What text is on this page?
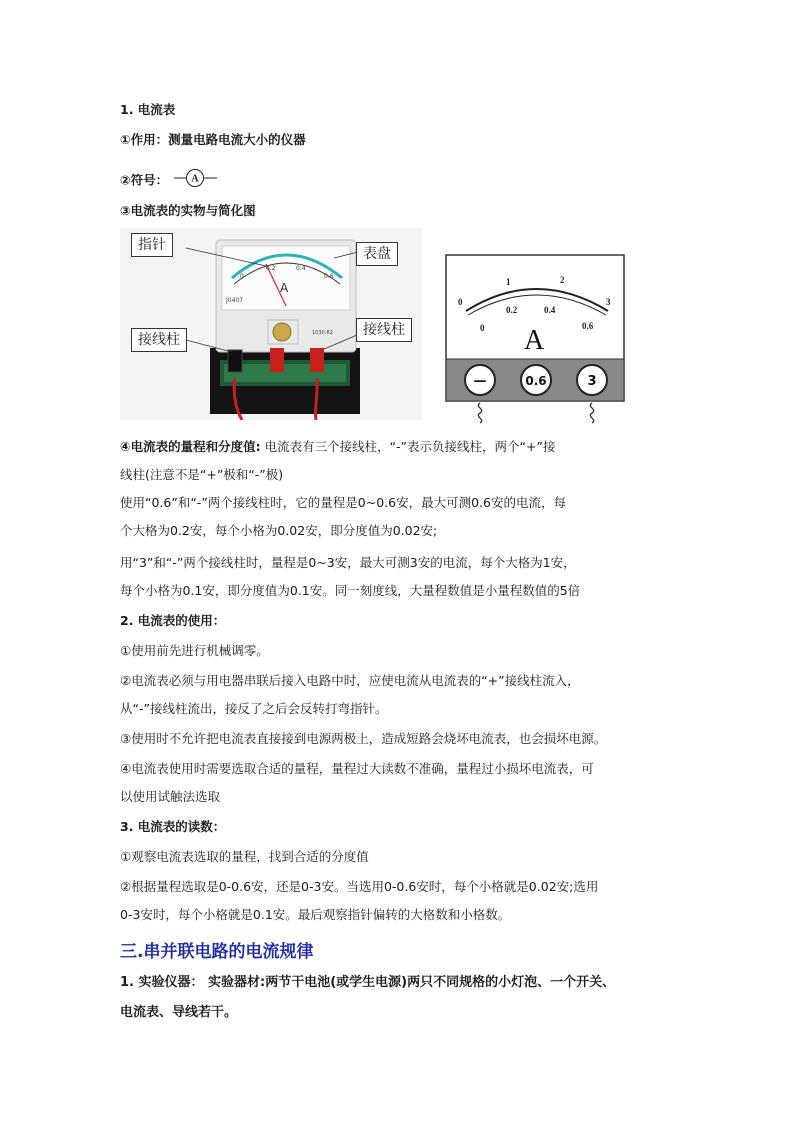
1. 电流表
①作用：测量电路电流大小的仪器
②符号： A
③电流表的实物与简化图
0
0.2	0.4
0.6
A
J0407
1030-82
指针
表盘
接线柱
接线柱
0
1	2
3
0
0.2	0.4
0.6
A
—	0.6	3
④电流表的量程和分度值: 电流表有三个接线柱，“-”表示负接线柱，两个“+”接
线柱(注意不是“+”极和“-”极)
使用“0.6”和“-”两个接线柱时，它的量程是0~0.6安，最大可测0.6安的电流，每
个大格为0.2安，每个小格为0.02安，即分度值为0.02安;
用“3”和“-”两个接线柱时，量程是0~3安，最大可测3安的电流，每个大格为1安，
每个小格为0.1安，即分度值为0.1安。同一刻度线，大量程数值是小量程数值的5倍
2. 电流表的使用：
①使用前先进行机械调零。
②电流表必须与用电器串联后接入电路中时，应使电流从电流表的“+”接线柱流入，
从“-”接线柱流出，接反了之后会反转打弯指针。
③使用时不允许把电流表直接接到电源两极上，造成短路会烧坏电流表，也会损坏电源。
④电流表使用时需要选取合适的量程，量程过大读数不准确，量程过小损坏电流表，可
以使用试触法选取
3. 电流表的读数：
①观察电流表选取的量程，找到合适的分度值
②根据量程选取是0-0.6安，还是0-3安。当选用0-0.6安时，每个小格就是0.02安;选用
0-3安时，每个小格就是0.1安。最后观察指针偏转的大格数和小格数。
三.串并联电路的电流规律
1. 实验仪器： 实验器材:两节干电池(或学生电源)两只不同规格的小灯泡、一个开关、
电流表、导线若干。
